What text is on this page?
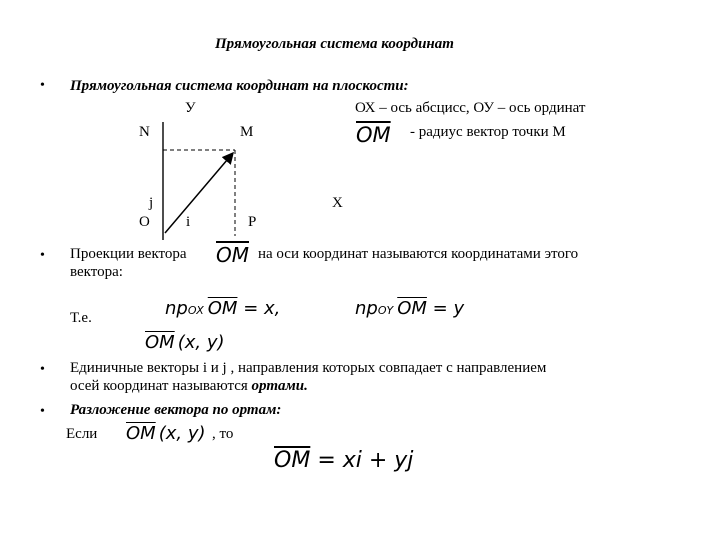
Прямоугольная система координат
• Прямоугольная система координат на плоскости:
ОХ – ось абсцисс, ОУ – ось ординат
$\overline{OM}$ - радиус вектор точки М
У
N	M
j	X
O i	P
• Проекции вектора $\overline{OM}$ на оси координат называются координатами этого
вектора:
Т.е.	npOX $\overline{OM} = x$,	npOY $\overline{OM} = y$
$\overline{OM}$ (x, y)
• Единичные векторы i и j , направления которых совпадает с направлением
осей координат называются ортами.
• Разложение вектора по ортам:
Если $\overline{OM}$ (x, y) , то
$\overline{OM}$ = xi + yj
